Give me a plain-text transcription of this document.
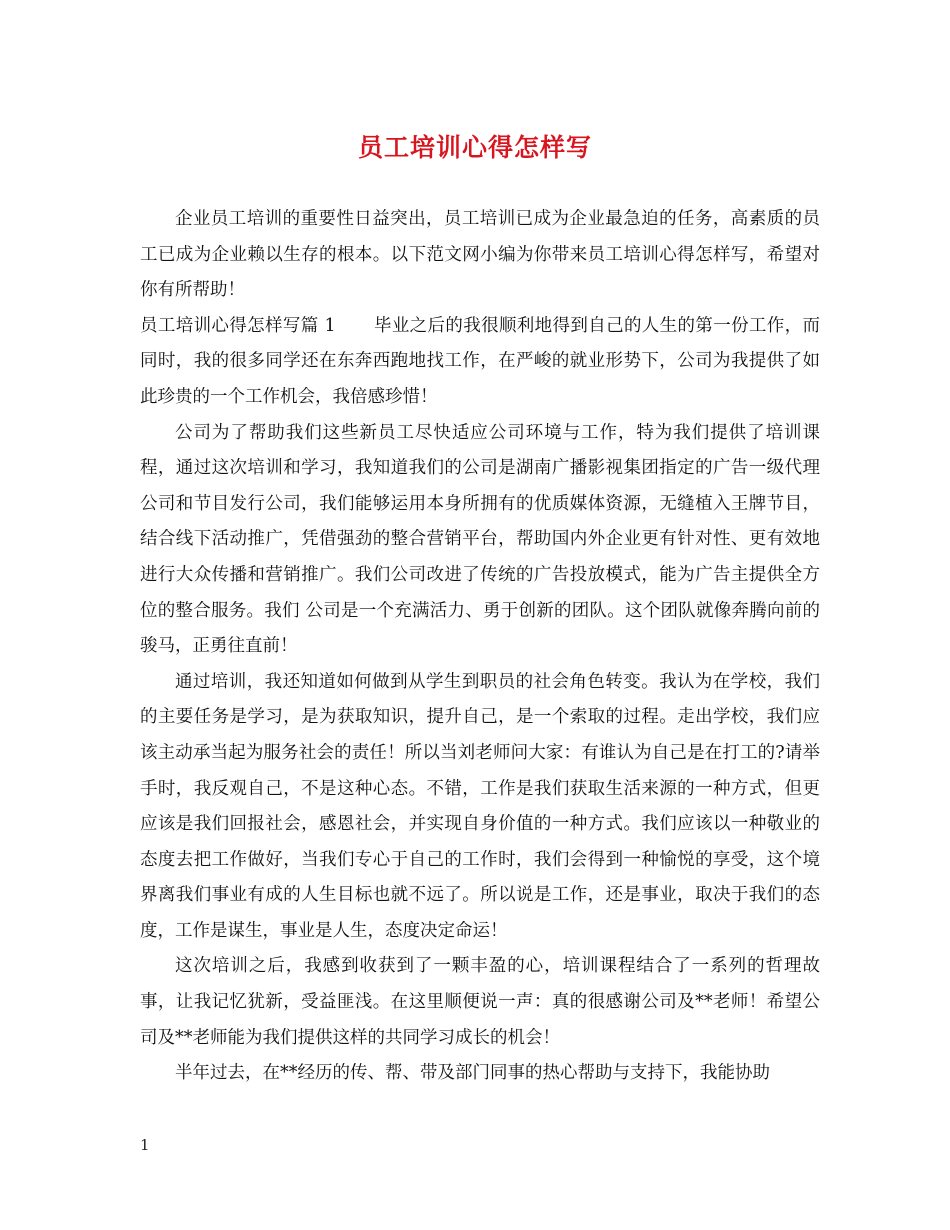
员工培训心得怎样写

企业员工培训的重要性日益突出，员工培训已成为企业最急迫的任务，高素质的员工已成为企业赖以生存的根本。以下范文网小编为你带来员工培训心得怎样写，希望对你有所帮助！

员工培训心得怎样写篇 1 毕业之后的我很顺利地得到自己的人生的第一份工作，而同时，我的很多同学还在东奔西跑地找工作，在严峻的就业形势下，公司为我提供了如此珍贵的一个工作机会，我倍感珍惜！

公司为了帮助我们这些新员工尽快适应公司环境与工作，特为我们提供了培训课程，通过这次培训和学习，我知道我们的公司是湖南广播影视集团指定的广告一级代理公司和节目发行公司，我们能够运用本身所拥有的优质媒体资源，无缝植入王牌节目，结合线下活动推广，凭借强劲的整合营销平台，帮助国内外企业更有针对性、更有效地进行大众传播和营销推广。我们公司改进了传统的广告投放模式，能为广告主提供全方位的整合服务。我们 公司是一个充满活力、勇于创新的团队。这个团队就像奔腾向前的骏马，正勇往直前！

通过培训，我还知道如何做到从学生到职员的社会角色转变。我认为在学校，我们的主要任务是学习，是为获取知识，提升自己，是一个索取的过程。走出学校，我们应该主动承当起为服务社会的责任！所以当刘老师问大家：有谁认为自己是在打工的?请举手时，我反观自己，不是这种心态。不错，工作是我们获取生活来源的一种方式，但更应该是我们回报社会，感恩社会，并实现自身价值的一种方式。我们应该以一种敬业的态度去把工作做好，当我们专心于自己的工作时，我们会得到一种愉悦的享受，这个境界离我们事业有成的人生目标也就不远了。所以说是工作，还是事业，取决于我们的态度，工作是谋生，事业是人生，态度决定命运！

这次培训之后，我感到收获到了一颗丰盈的心，培训课程结合了一系列的哲理故事，让我记忆犹新，受益匪浅。在这里顺便说一声：真的很感谢公司及**老师！希望公司及**老师能为我们提供这样的共同学习成长的机会！

半年过去，在**经历的传、帮、带及部门同事的热心帮助与支持下，我能协助

1
